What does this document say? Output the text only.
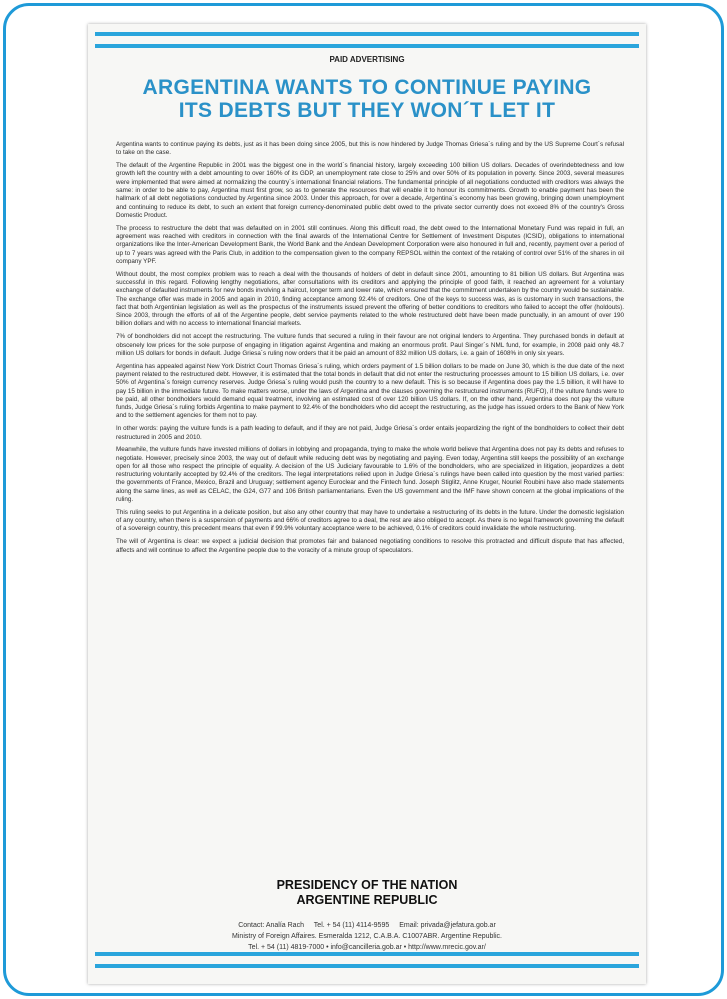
PAID ADVERTISING
ARGENTINA WANTS TO CONTINUE PAYING
ITS DEBTS BUT THEY WON´T LET IT

Argentina wants to continue paying its debts, just as it has been doing since 2005, but this is now hindered by Judge Thomas Griesa´s ruling and by the US Supreme Court´s refusal to take on the case.

The default of the Argentine Republic in 2001 was the biggest one in the world´s financial history, largely exceeding 100 billion US dollars. Decades of overindebtedness and low growth left the country with a debt amounting to over 160% of its GDP, an unemployment rate close to 25% and over 50% of its population in poverty. Since 2003, several measures were implemented that were aimed at normalizing the country´s international financial relations. The fundamental principle of all negotiations conducted with creditors was always the same: in order to be able to pay, Argentina must first grow, so as to generate the resources that will enable it to honour its commitments. Growth to enable payment has been the hallmark of all debt negotiations conducted by Argentina since 2003. Under this approach, for over a decade, Argentina´s economy has been growing, bringing down unemployment and continuing to reduce its debt, to such an extent that foreign currency-denominated public debt owed to the private sector currently does not exceed 8% of the country's Gross Domestic Product.

The process to restructure the debt that was defaulted on in 2001 still continues. Along this difficult road, the debt owed to the International Monetary Fund was repaid in full, an agreement was reached with creditors in connection with the final awards of the International Centre for Settlement of Investment Disputes (ICSID), obligations to international organizations like the Inter-American Development Bank, the World Bank and the Andean Development Corporation were also honoured in full and, recently, payment over a period of up to 7 years was agreed with the Paris Club, in addition to the compensation given to the company REPSOL within the context of the retaking of control over 51% of the shares in oil company YPF.

Without doubt, the most complex problem was to reach a deal with the thousands of holders of debt in default since 2001, amounting to 81 billion US dollars. But Argentina was successful in this regard. Following lengthy negotiations, after consultations with its creditors and applying the principle of good faith, it reached an agreement for a voluntary exchange of defaulted instruments for new bonds involving a haircut, longer term and lower rate, which ensured that the commitment undertaken by the country would be sustainable. The exchange offer was made in 2005 and again in 2010, finding acceptance among 92.4% of creditors. One of the keys to success was, as is customary in such transactions, the fact that both Argentinian legislation as well as the prospectus of the instruments issued prevent the offering of better conditions to creditors who failed to accept the offer (holdouts). Since 2003, through the efforts of all of the Argentine people, debt service payments related to the whole restructured debt have been made punctually, in an amount of over 190 billion dollars and with no access to international financial markets.

7% of bondholders did not accept the restructuring. The vulture funds that secured a ruling in their favour are not original lenders to Argentina. They purchased bonds in default at obscenely low prices for the sole purpose of engaging in litigation against Argentina and making an enormous profit. Paul Singer´s NML fund, for example, in 2008 paid only 48.7 million US dollars for bonds in default. Judge Griesa´s ruling now orders that it be paid an amount of 832 million US dollars, i.e. a gain of 1608% in only six years.

Argentina has appealed against New York District Court Thomas Griesa´s ruling, which orders payment of 1.5 billion dollars to be made on June 30, which is the due date of the next payment related to the restructured debt. However, it is estimated that the total bonds in default that did not enter the restructuring processes amount to 15 billion US dollars, i.e. over 50% of Argentina´s foreign currency reserves. Judge Griesa´s ruling would push the country to a new default. This is so because if Argentina does pay the 1.5 billion, it will have to pay 15 billion in the immediate future. To make matters worse, under the laws of Argentina and the clauses governing the restructured instruments (RUFO), if the vulture funds were to be paid, all other bondholders would demand equal treatment, involving an estimated cost of over 120 billion US dollars. If, on the other hand, Argentina does not pay the vulture funds, Judge Griesa´s ruling forbids Argentina to make payment to 92.4% of the bondholders who did accept the restructuring, as the judge has issued orders to the Bank of New York and to the settlement agencies for them not to pay.

In other words: paying the vulture funds is a path leading to default, and if they are not paid, Judge Griesa´s order entails jeopardizing the right of the bondholders to collect their debt restructured in 2005 and 2010.

Meanwhile, the vulture funds have invested millions of dollars in lobbying and propaganda, trying to make the whole world believe that Argentina does not pay its debts and refuses to negotiate. However, precisely since 2003, the way out of default while reducing debt was by negotiating and paying. Even today, Argentina still keeps the possibility of an exchange open for all those who respect the principle of equality. A decision of the US Judiciary favourable to 1.6% of the bondholders, who are specialized in litigation, jeopardizes a debt restructuring voluntarily accepted by 92.4% of the creditors. The legal interpretations relied upon in Judge Griesa´s rulings have been called into question by the most varied parties: the governments of France, Mexico, Brazil and Uruguay; settlement agency Euroclear and the Fintech fund. Joseph Stiglitz, Anne Kruger, Nouriel Roubini have also made statements along the same lines, as well as CELAC, the G24, G77 and 106 British parliamentarians. Even the US government and the IMF have shown concern at the global implications of the ruling.

This ruling seeks to put Argentina in a delicate position, but also any other country that may have to undertake a restructuring of its debts in the future. Under the domestic legislation of any country, when there is a suspension of payments and 66% of creditors agree to a deal, the rest are also obliged to accept. As there is no legal framework governing the default of a sovereign country, this precedent means that even if 99.9% voluntary acceptance were to be achieved, 0.1% of creditors could invalidate the whole restructuring.

The will of Argentina is clear: we expect a judicial decision that promotes fair and balanced negotiating conditions to resolve this protracted and difficult dispute that has affected, affects and will continue to affect the Argentine people due to the voracity of a minute group of speculators.

PRESIDENCY OF THE NATION
ARGENTINE REPUBLIC
Contact: Analía Rach Tel. + 54 (11) 4114-9595 Email: privada@jefatura.gob.ar
Ministry of Foreign Affaires. Esmeralda 1212, C.A.B.A. C1007ABR. Argentine Republic.
Tel. + 54 (11) 4819-7000 • info@cancilleria.gob.ar • http://www.mrecic.gov.ar/
